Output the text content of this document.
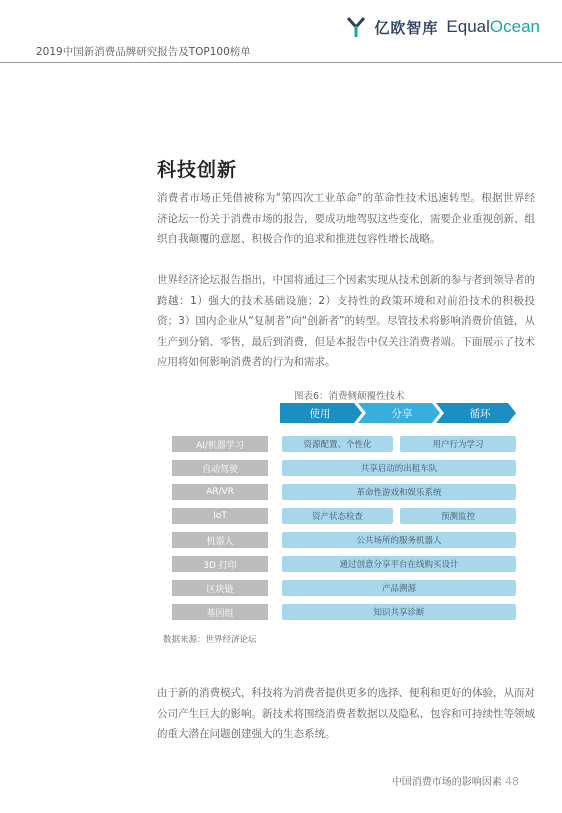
亿欧智库 EqualOcean
2019中国新消费品牌研究报告及TOP100榜单
科技创新
消费者市场正凭借被称为“第四次工业革命”的革命性技术迅速转型。根据世界经济论坛一份关于消费市场的报告，要成功地驾驭这些变化，需要企业重视创新、组织自我颠覆的意愿、积极合作的追求和推进包容性增长战略。
世界经济论坛报告指出，中国将通过三个因素实现从技术创新的参与者到领导者的跨越：1）强大的技术基础设施；2）支持性的政策环境和对前沿技术的积极投资；3）国内企业从“复制者”向“创新者”的转型。尽管技术将影响消费价值链，从生产到分销、零售，最后到消费，但是本报告中仅关注消费者端。下面展示了技术应用将如何影响消费者的行为和需求。
图表6：消费侧颠覆性技术
使用	分享	循环
AI/机器学习	资源配置、个性化	用户行为学习
自动驾驶	共享启动的出租车队
AR/VR	革命性游戏和娱乐系统
IoT	资产状态检查	预测监控
机器人	公共场所的服务机器人
3D 打印	通过创意分享平台在线购买设计
区块链	产品溯源
基因组	知识共享诊断
数据来源：世界经济论坛
由于新的消费模式，科技将为消费者提供更多的选择、便利和更好的体验，从而对公司产生巨大的影响。新技术将围绕消费者数据以及隐私、包容和可持续性等领域的重大潜在问题创建强大的生态系统。
中国消费市场的影响因素 48
